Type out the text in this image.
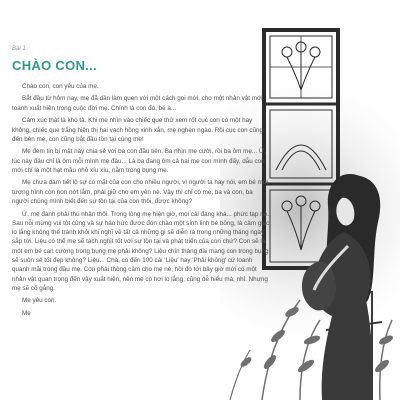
Bài 1
CHÀO CON...

Chào con, con yêu của mẹ.

Bắt đầu từ hôm nay, mẹ đã dần làm quen với một cách gọi mới, cho một nhân vật mới toanh xuất hiện trong cuộc đời mẹ. Chính là con đó, bé à...

Cảm xúc thật là khó tả. Khi mẹ nhìn vào chiếc que thử xem rốt cục con có một hay không, chiếc que trắng hiện thị hai vạch hồng xinh xắn, mẹ nghẹn ngào. Rồi cục con cũng đến bên mẹ, con cũng bắt đầu tồn tại cùng mẹ!

Mẹ đem tin bí mật này chia sẻ với ba con đầu tiên. Ba nhìn mẹ cười, rồi ba ôm mẹ... Ừ, lúc này đâu chỉ là ôm mỗi mình mẹ đâu... Là ba đang ôm cả hai mẹ con mình đấy, dẫu con mới chỉ là một hạt mầu nhỏ xíu xíu, nằm trong bụng mẹ.

Mẹ chưa dám tiết lộ sự có mặt của con cho nhiều người, vì người ta hay nói, em bé mới tượng hình còn non nớt lắm, phải giữ cho em yên nè. Vậy thì chỉ có mẹ, ba và con, ba người chúng mình biết đến sự tồn tại của con thôi, được không?

Ừ, mẹ đành phải thú nhận thôi. Trong lòng mẹ hiện giờ, mọi cái đang khá... phức tạp nè. Sau nỗi mừng vui tột cùng và sự háo hức được đón chào một sinh linh bé bỏng, là cảm giác lo lắng không thể tránh khỏi khi nghĩ về tất cả những gì sẽ diễn ra trong những tháng ngày sắp tới. Liệu có thể mẹ sẽ tách nghịt tốt với sự tồn tại và phát triển của con chứ? Con sẽ là một em bé can cường trong bụng mẹ phải không? Liệu chín tháng dài mang con trong bụng sẽ suôn sẻ tốt đẹp không? Liệu... Chà, có đến 100 cái 'Liệu' hay 'Phải không' cứ loanh quanh mãi trong đầu mẹ. Con phải thông cảm cho mẹ nè, hồi đó tới bây giờ mới có một nhân vật quan trọng đến vậy xuất hiện, nên mẹ có hơi lo lắng, cũng dễ hiểu mà, nhỉ. Nhưng mẹ sẽ cố gắng.

Mẹ yêu con.

Mẹ
